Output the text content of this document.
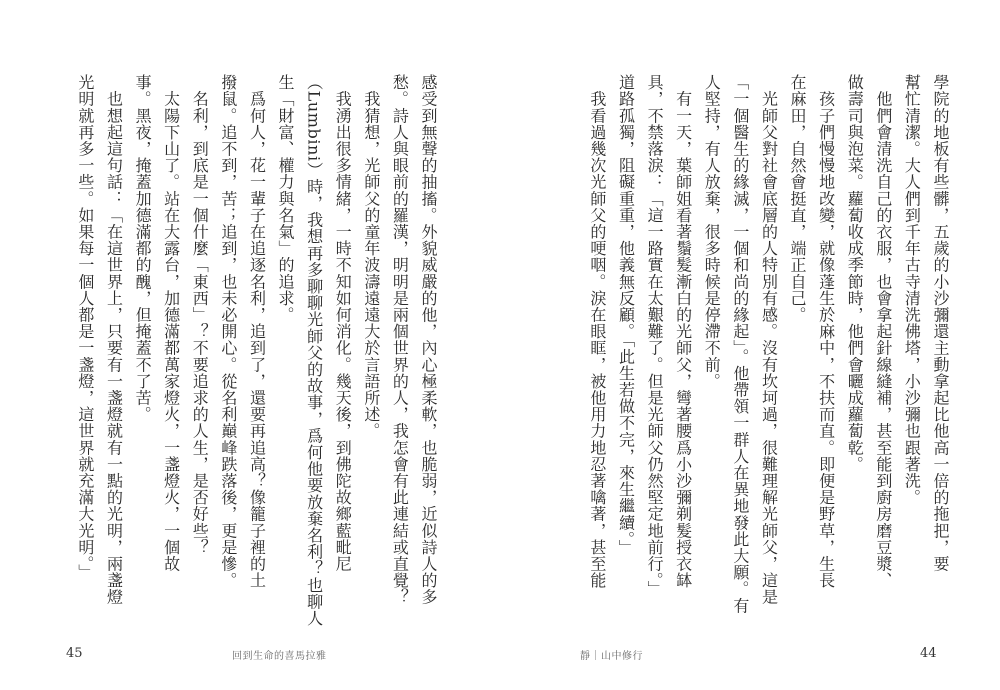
感受到無聲的抽搐。外貌威嚴的他，內心極柔軟，也脆弱，近似詩人的多
愁。詩人與眼前的羅漢，明明是兩個世界的人，我怎會有此連結或直覺？
　我猜想，光師父的童年波濤遠遠大於言語所述。
　我湧出很多情緒，一時不知如何消化。幾天後，到佛陀故鄉藍毗尼
（Lumbini）時，我想再多聊聊光師父的故事，爲何他要放棄名利？也聊人
生「財富、權力與名氣」的追求。
　爲何人，花一輩子在追逐名利，追到了，還要再追高？像籠子裡的土
撥鼠。追不到，苦；追到，也未必開心。從名利巔峰跌落後，更是慘。
　名利，到底是一個什麼「東西」？不要追求的人生，是否好些？
　太陽下山了。站在大露台，加德滿都萬家燈火，一盞燈火，一個故
事。黑夜，掩蓋加德滿都的醜，但掩蓋不了苦。
　也想起這句話：「在這世界上，只要有一盞燈就有一點的光明，兩盞燈
光明就再多一些。如果每一個人都是一盞燈，這世界就充滿大光明。」
45	回到生命的喜馬拉雅
學院的地板有些髒，五歲的小沙彌還主動拿起比他高一倍的拖把，要
幫忙清潔。大人們到千年古寺清洗佛塔，小沙彌也跟著洗。
　他們會清洗自己的衣服，也會拿起針線縫補，甚至能到廚房磨豆漿、
做壽司與泡菜。蘿蔔收成季節時，他們會曬成蘿蔔乾。
　孩子們慢慢地改變，就像蓬生於麻中，不扶而直。即便是野草，生長
在麻田，自然會挺直，端正自己。
　光師父對社會底層的人特別有感。沒有坎坷過，很難理解光師父，這是
「一個醫生的緣滅，一個和尚的緣起」。他帶領一群人在異地發此大願。有
人堅持，有人放棄，很多時候是停滯不前。
　有一天，葉師姐看著鬚髮漸白的光師父，彎著腰爲小沙彌剃髮授衣缽
具，不禁落淚：「這一路實在太艱難了。但是光師父仍然堅定地前行。」
道路孤獨，阻礙重重，他義無反顧。「此生若做不完，來生繼續。」
　我看過幾次光師父的哽咽。淚在眼眶，被他用力地忍著噙著，甚至能
靜｜山中修行	44
